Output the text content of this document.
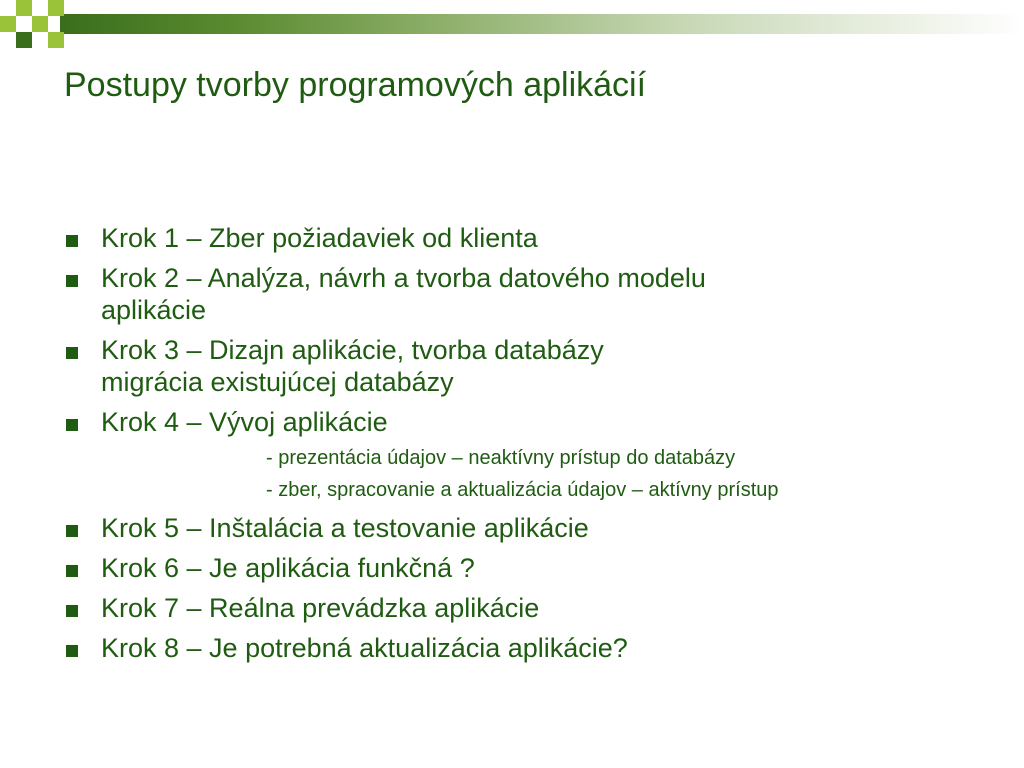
Postupy tvorby programových aplikácií
Krok 1 – Zber požiadaviek od klienta
Krok 2 – Analýza, návrh a tvorba datového modelu
aplikácie
Krok 3 – Dizajn aplikácie, tvorba databázy
migrácia existujúcej databázy
Krok 4 – Vývoj aplikácie
- prezentácia údajov – neaktívny prístup do databázy
- zber, spracovanie a aktualizácia údajov – aktívny prístup
Krok 5 – Inštalácia a testovanie aplikácie
Krok 6 – Je aplikácia funkčná ?
Krok 7 – Reálna prevádzka aplikácie
Krok 8 – Je potrebná aktualizácia aplikácie?
